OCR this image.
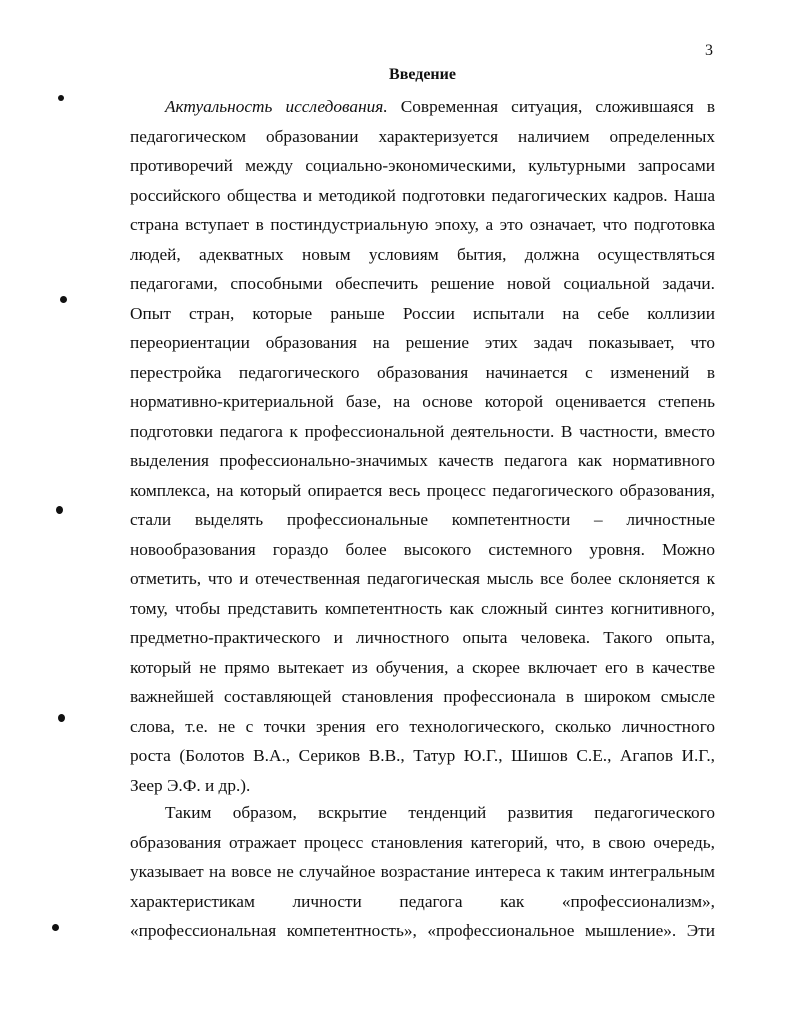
3
Введение
Актуальность исследования. Современная ситуация, сложившаяся в
педагогическом образовании характеризуется наличием определенных
противоречий между социально-экономическими, культурными запросами
российского общества и методикой подготовки педагогических кадров. Наша
страна вступает в постиндустриальную эпоху, а это означает, что подготовка
людей, адекватных новым условиям бытия, должна осуществляться
педагогами, способными обеспечить решение новой социальной задачи.
Опыт стран, которые раньше России испытали на себе коллизии
переориентации образования на решение этих задач показывает, что
перестройка педагогического образования начинается с изменений в
нормативно-критериальной базе, на основе которой оценивается степень
подготовки педагога к профессиональной деятельности. В частности, вместо
выделения профессионально-значимых качеств педагога как нормативного
комплекса, на который опирается весь процесс педагогического образования,
стали выделять профессиональные компетентности – личностные
новообразования гораздо более высокого системного уровня. Можно
отметить, что и отечественная педагогическая мысль все более склоняется к
тому, чтобы представить компетентность как сложный синтез когнитивного,
предметно-практического и личностного опыта человека. Такого опыта,
который не прямо вытекает из обучения, а скорее включает его в качестве
важнейшей составляющей становления профессионала в широком смысле
слова, т.е. не с точки зрения его технологического, сколько личностного
роста (Болотов В.А., Сериков В.В., Татур Ю.Г., Шишов С.Е., Агапов И.Г.,
Зеер Э.Ф. и др.).
Таким образом, вскрытие тенденций развития педагогического
образования отражает процесс становления категорий, что, в свою очередь,
указывает на вовсе не случайное возрастание интереса к таким интегральным
характеристикам личности педагога как «профессионализм»,
«профессиональная компетентность», «профессиональное мышление». Эти
